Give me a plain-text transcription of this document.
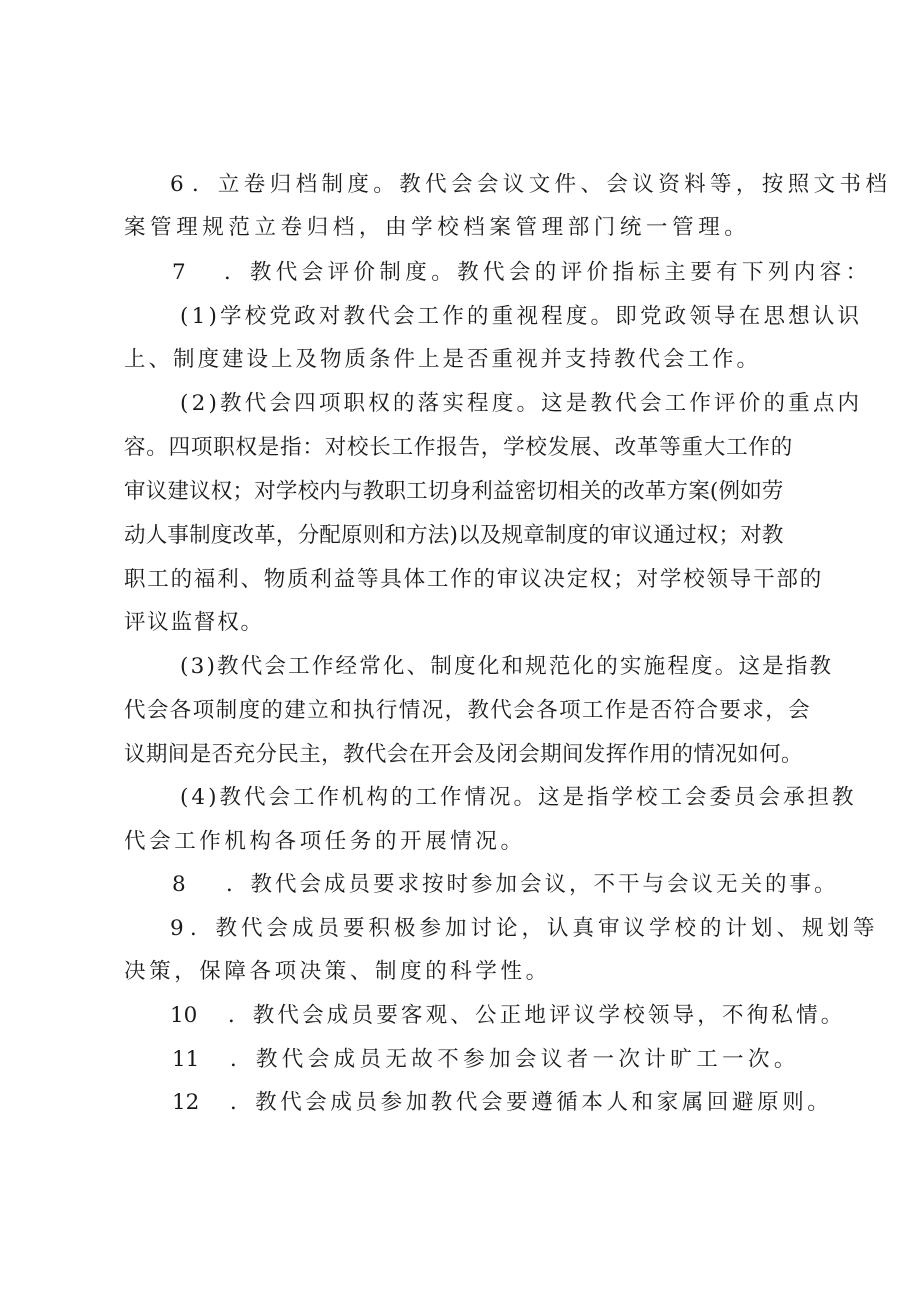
6 ．立卷归档制度。教代会会议文件、会议资料等，按照文书档
案管理规范立卷归档，由学校档案管理部门统一管理。
7 ．教代会评价制度。教代会的评价指标主要有下列内容：
(1)学校党政对教代会工作的重视程度。即党政领导在思想认识
上、制度建设上及物质条件上是否重视并支持教代会工作。
(2)教代会四项职权的落实程度。这是教代会工作评价的重点内
容。四项职权是指：对校长工作报告，学校发展、改革等重大工作的
审议建议权；对学校内与教职工切身利益密切相关的改革方案(例如劳
动人事制度改革，分配原则和方法)以及规章制度的审议通过权；对教
职工的福利、物质利益等具体工作的审议决定权；对学校领导干部的
评议监督权。
(3)教代会工作经常化、制度化和规范化的实施程度。这是指教
代会各项制度的建立和执行情况，教代会各项工作是否符合要求，会
议期间是否充分民主，教代会在开会及闭会期间发挥作用的情况如何。
(4)教代会工作机构的工作情况。这是指学校工会委员会承担教
代会工作机构各项任务的开展情况。
8 ．教代会成员要求按时参加会议，不干与会议无关的事。
9 ．教代会成员要积极参加讨论，认真审议学校的计划、规划等
决策，保障各项决策、制度的科学性。
10 ．教代会成员要客观、公正地评议学校领导，不徇私情。
11 ．教代会成员无故不参加会议者一次计旷工一次。
12 ．教代会成员参加教代会要遵循本人和家属回避原则。
